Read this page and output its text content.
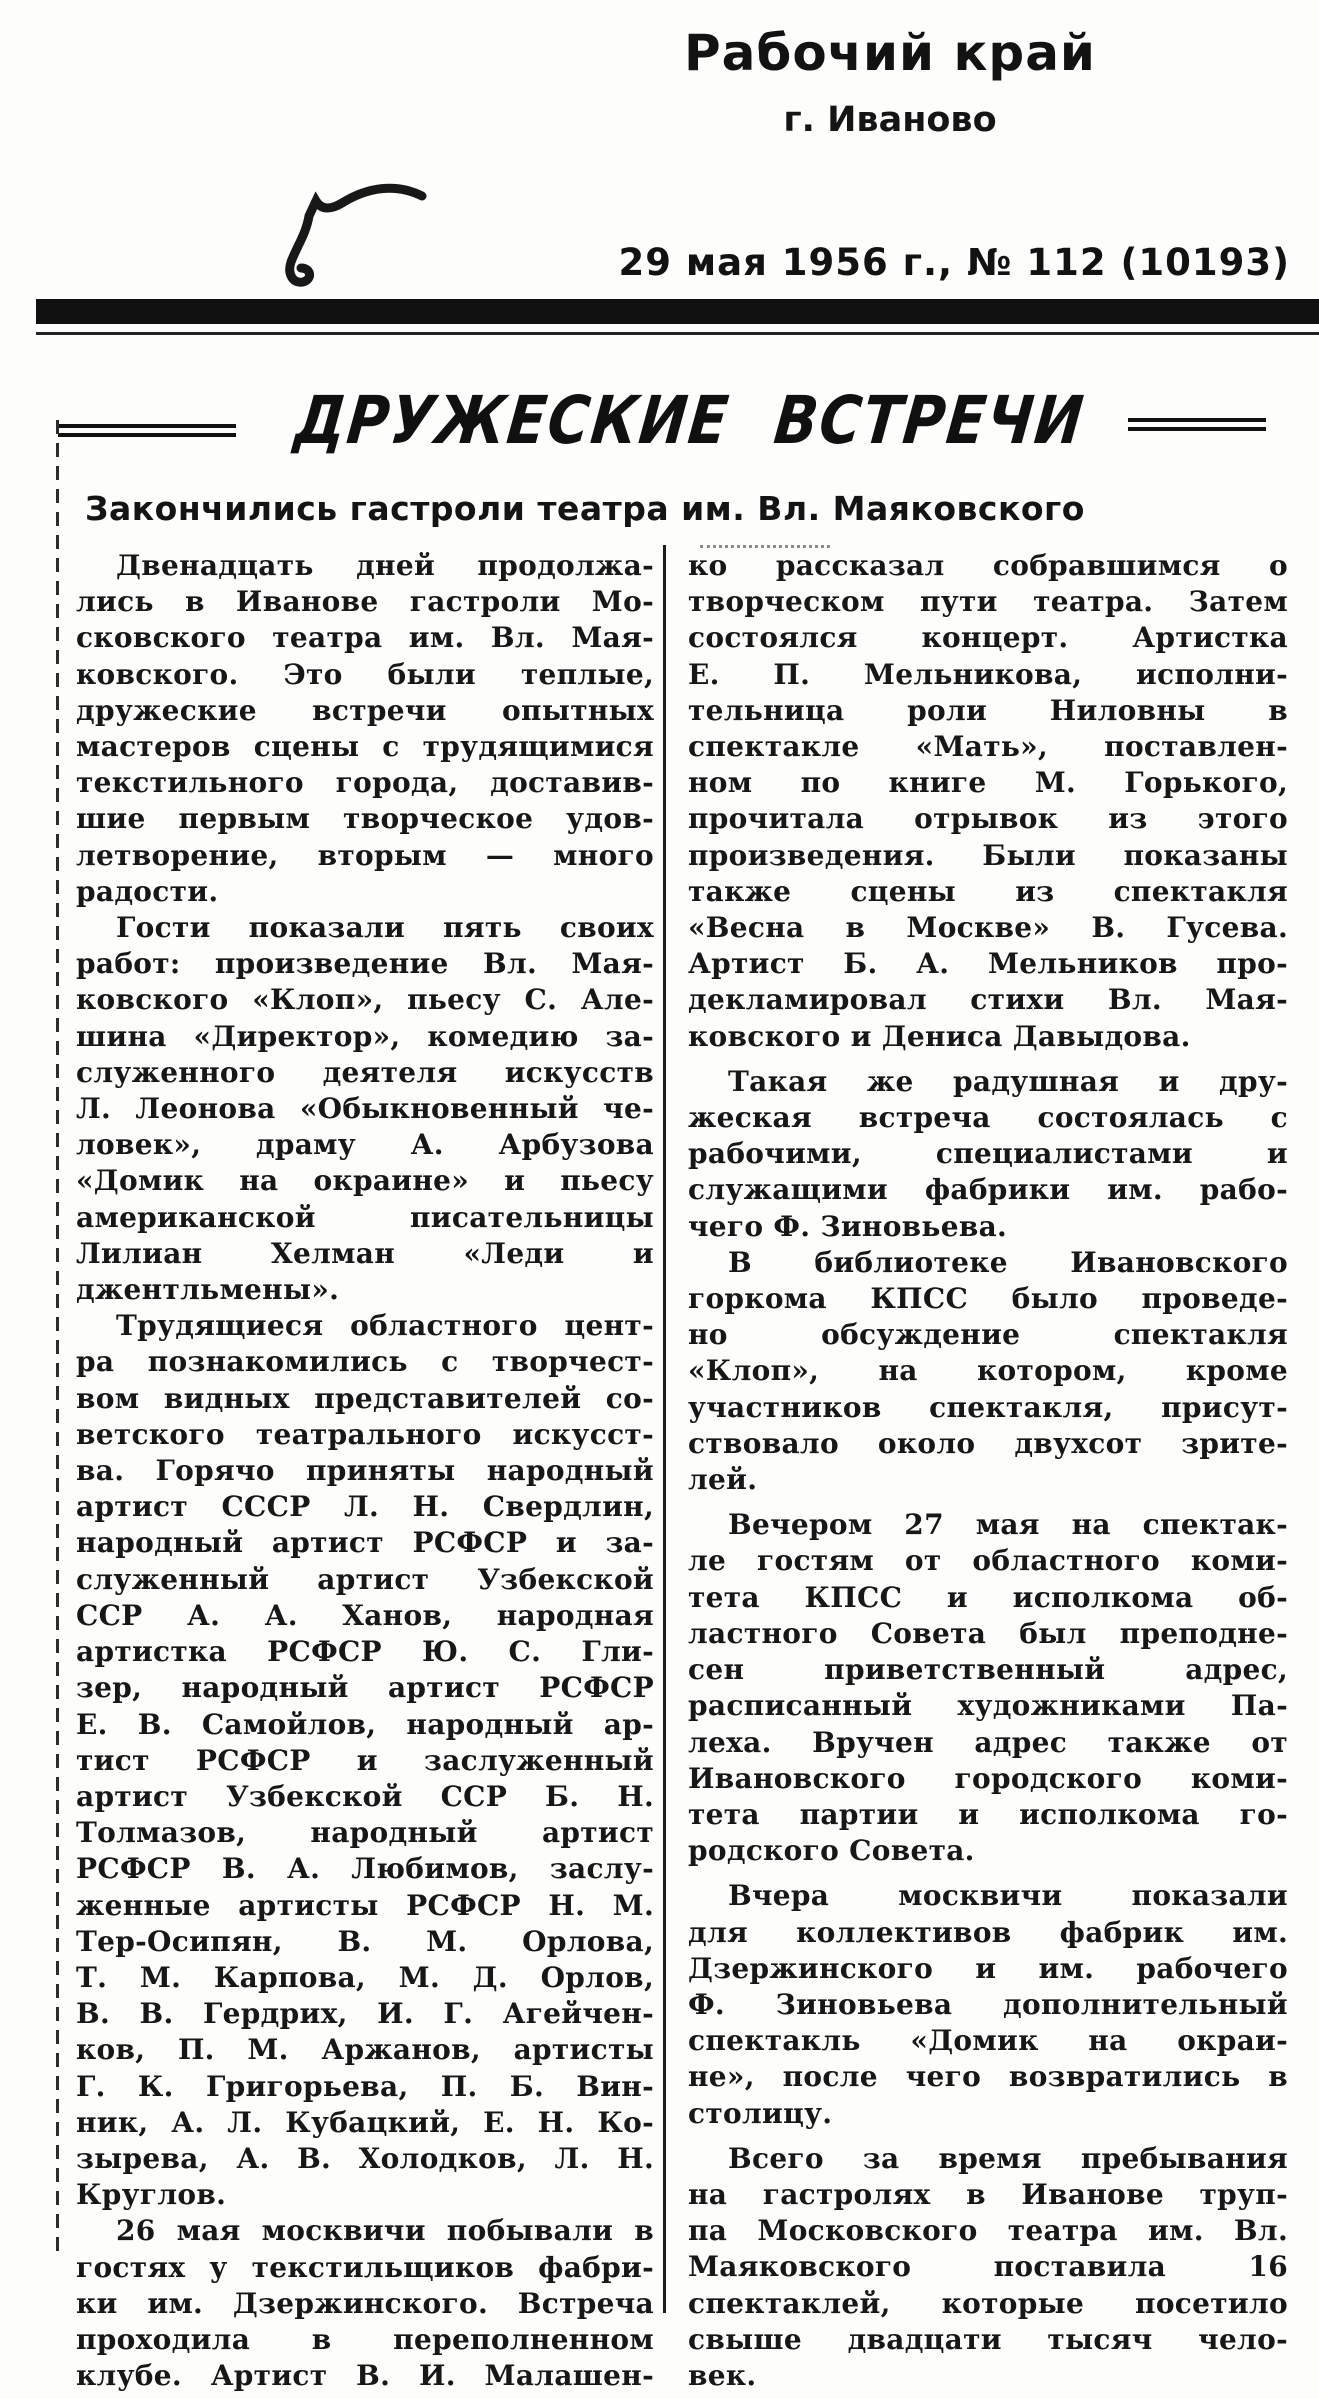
Рабочий край
г. Иваново
29 мая 1956 г., № 112 (10193)
ДРУЖЕСКИЕ ВСТРЕЧИ
Закончились гастроли театра им. Вл. Маяковского
Двенадцать дней продолжа-
лись в Иванове гастроли Мо-
сковского театра им. Вл. Мая-
ковского. Это были теплые,
дружеские встречи опытных
мастеров сцены с трудящимися
текстильного города, доставив-
шие первым творческое удов-
летворение, вторым — много
радости.
Гости показали пять своих
работ: произведение Вл. Мая-
ковского «Клоп», пьесу С. Але-
шина «Директор», комедию за-
служенного деятеля искусств
Л. Леонова «Обыкновенный че-
ловек», драму А. Арбузова
«Домик на окраине» и пьесу
американской писательницы
Лилиан Хелман «Леди и
джентльмены».
Трудящиеся областного цент-
ра познакомились с творчест-
вом видных представителей со-
ветского театрального искусст-
ва. Горячо приняты народный
артист СССР Л. Н. Свердлин,
народный артист РСФСР и за-
служенный артист Узбекской
ССР А. А. Ханов, народная
артистка РСФСР Ю. С. Гли-
зер, народный артист РСФСР
Е. В. Самойлов, народный ар-
тист РСФСР и заслуженный
артист Узбекской ССР Б. Н.
Толмазов, народный артист
РСФСР В. А. Любимов, заслу-
женные артисты РСФСР Н. М.
Тер-Осипян, В. М. Орлова,
Т. М. Карпова, М. Д. Орлов,
В. В. Гердрих, И. Г. Агейчен-
ков, П. М. Аржанов, артисты
Г. К. Григорьева, П. Б. Вин-
ник, А. Л. Кубацкий, Е. Н. Ко-
зырева, А. В. Холодков, Л. Н.
Круглов.
26 мая москвичи побывали в
гостях у текстильщиков фабри-
ки им. Дзержинского. Встреча
проходила в переполненном
клубе. Артист В. И. Малашен-
ко рассказал собравшимся о
творческом пути театра. Затем
состоялся концерт. Артистка
Е. П. Мельникова, исполни-
тельница роли Ниловны в
спектакле «Мать», поставлен-
ном по книге М. Горького,
прочитала отрывок из этого
произведения. Были показаны
также сцены из спектакля
«Весна в Москве» В. Гусева.
Артист Б. А. Мельников про-
декламировал стихи Вл. Мая-
ковского и Дениса Давыдова.
Такая же радушная и дру-
жеская встреча состоялась с
рабочими, специалистами и
служащими фабрики им. рабо-
чего Ф. Зиновьева.
В библиотеке Ивановского
горкома КПСС было проведе-
но обсуждение спектакля
«Клоп», на котором, кроме
участников спектакля, присут-
ствовало около двухсот зрите-
лей.
Вечером 27 мая на спектак-
ле гостям от областного коми-
тета КПСС и исполкома об-
ластного Совета был преподне-
сен приветственный адрес,
расписанный художниками Па-
леха. Вручен адрес также от
Ивановского городского коми-
тета партии и исполкома го-
родского Совета.
Вчера москвичи показали
для коллективов фабрик им.
Дзержинского и им. рабочего
Ф. Зиновьева дополнительный
спектакль «Домик на окраи-
не», после чего возвратились в
столицу.
Всего за время пребывания
на гастролях в Иванове труп-
па Московского театра им. Вл.
Маяковского поставила 16
спектаклей, которые посетило
свыше двадцати тысяч чело-
век.
